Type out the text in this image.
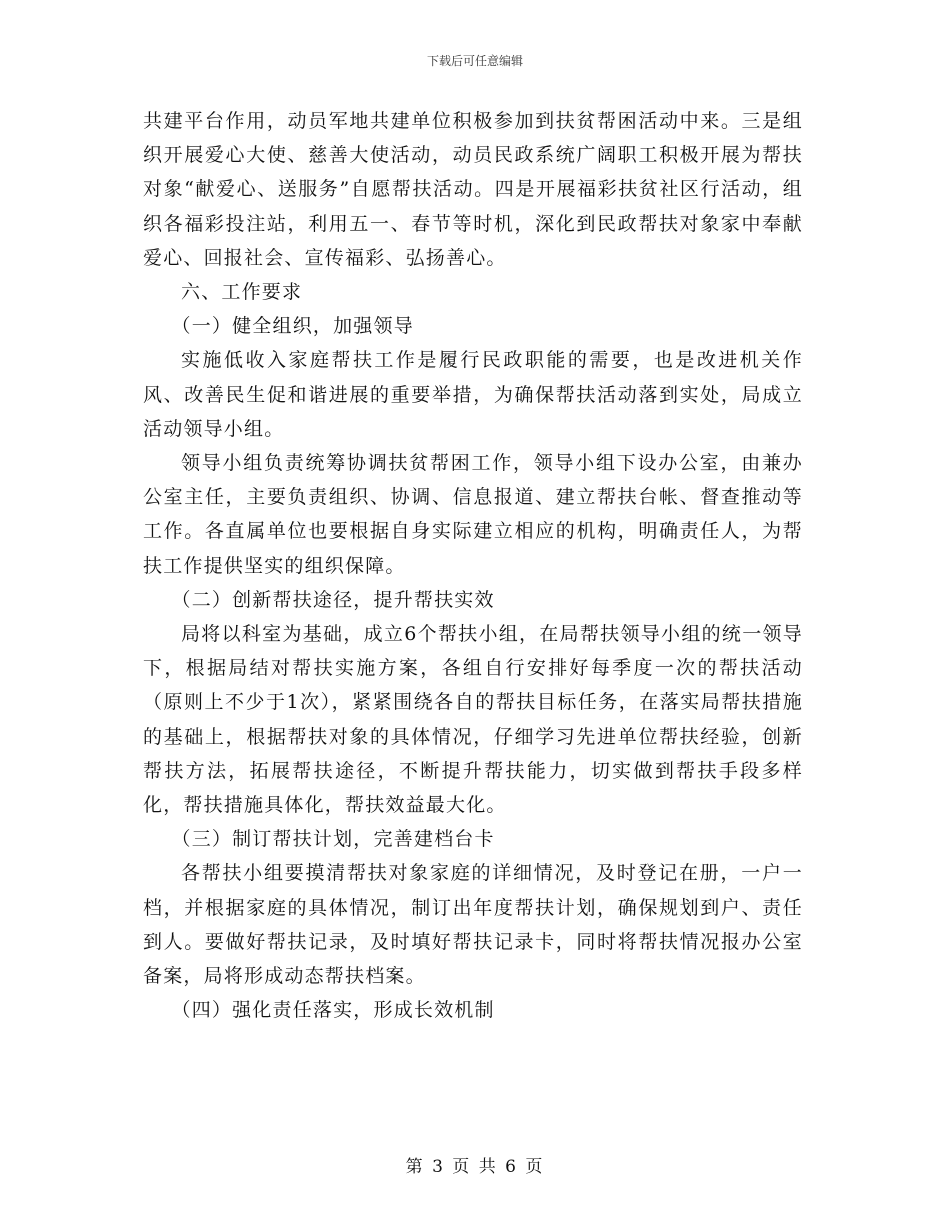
下载后可任意编辑

共建平台作用，动员军地共建单位积极参加到扶贫帮困活动中来。三是组织开展爱心大使、慈善大使活动，动员民政系统广阔职工积极开展为帮扶对象“献爱心、送服务”自愿帮扶活动。四是开展福彩扶贫社区行活动，组织各福彩投注站，利用五一、春节等时机，深化到民政帮扶对象家中奉献爱心、回报社会、宣传福彩、弘扬善心。

六、工作要求

（一）健全组织，加强领导

实施低收入家庭帮扶工作是履行民政职能的需要，也是改进机关作风、改善民生促和谐进展的重要举措，为确保帮扶活动落到实处，局成立活动领导小组。

领导小组负责统筹协调扶贫帮困工作，领导小组下设办公室，由兼办公室主任，主要负责组织、协调、信息报道、建立帮扶台帐、督查推动等工作。各直属单位也要根据自身实际建立相应的机构，明确责任人，为帮扶工作提供坚实的组织保障。

（二）创新帮扶途径，提升帮扶实效

局将以科室为基础，成立6个帮扶小组，在局帮扶领导小组的统一领导下，根据局结对帮扶实施方案，各组自行安排好每季度一次的帮扶活动（原则上不少于1次），紧紧围绕各自的帮扶目标任务，在落实局帮扶措施的基础上，根据帮扶对象的具体情况，仔细学习先进单位帮扶经验，创新帮扶方法，拓展帮扶途径，不断提升帮扶能力，切实做到帮扶手段多样化，帮扶措施具体化，帮扶效益最大化。

（三）制订帮扶计划，完善建档台卡

各帮扶小组要摸清帮扶对象家庭的详细情况，及时登记在册，一户一档，并根据家庭的具体情况，制订出年度帮扶计划，确保规划到户、责任到人。要做好帮扶记录，及时填好帮扶记录卡，同时将帮扶情况报办公室备案，局将形成动态帮扶档案。

（四）强化责任落实，形成长效机制

第 3 页 共 6 页
